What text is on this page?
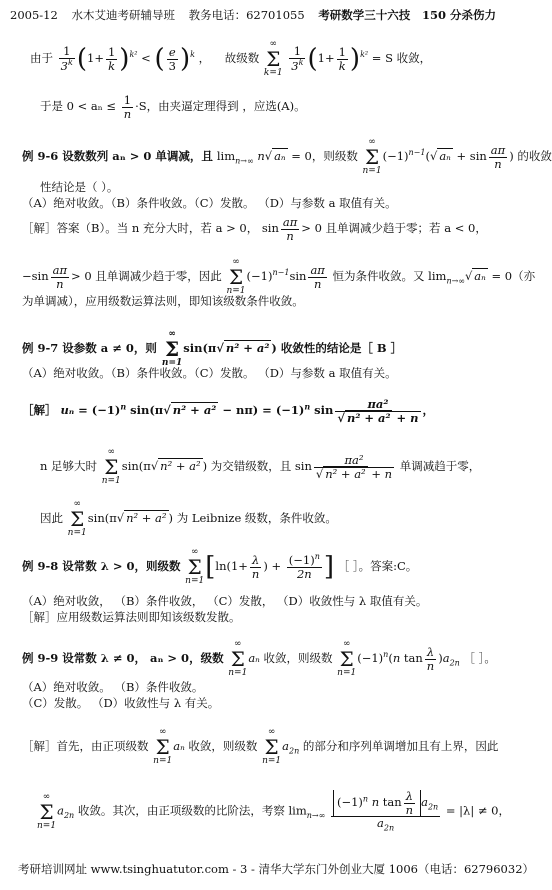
2005-12 水木艾迪考研辅导班 教务电话：62701055 考研数学三十六技 150 分杀伤力
由于 $\frac{1}{3^k} (1+ \frac{1}{k} )^{k^2}$ < ( $\frac{e}{3} )^k$ ， 故级数 ∞
Σ
k=1
$\frac{1}{3^k} (1+ \frac{1}{k} )^{k^2} = S$ 收敛，
于是 $0 < a_n \le \frac{1}{n} \cdot S$，由夹逼定理得到 ，应选(A)。
例 9-6 设数数列 aₙ > 0 单调减，且 $\lim_{n\to\infty} n√$ aₙ = 0，则级数 ∞
Σ
$n=1(-1)^{n-1}(√$ $a_n + \sin \frac{a\pi}{n}$ ) 的收敛
性结论是（ ）。
（A）绝对收敛。（B）条件收敛。（C）发散。 （D）与参数 a 取值有关。
［解］答案（B）。当 n 充分大时，若 a > 0， $\sin \frac{a\pi}{n} > 0$ 且单调减少趋于零；若 a < 0，
$-\sin \frac{a\pi}{n} > 0$ 且单调减少趋于零，因此 ∞
Σ
$n=1(-1)^{n-1}\sin \frac{a\pi}{n}$ 恒为条件收敛。又 $\lim_{n\to\infty}√$ aₙ = 0（亦
为单调减），应用级数运算法则，即知该级数条件收敛。
例 9-7 设参数 a ≠ 0，则 ∞
Σ
n=1sin(π√ n² + a² ) 收敛性的结论是［ B ］
（A）绝对收敛。（B）条件收敛。（C）发散。 （D）与参数 a 取值有关。
［解］ $u_n = (-1)^n$ sin(π√ $n^2 + a^2 - n\pi) = (-1)^n$ $\sin \frac{\text{πa²}}{\text{√ n² + a² + n}}$ ，
n 足够大时 ∞
Σ
n=1sin(π√ n² + a² ) 为交错级数，且 $\sin \frac{\text{πa²}}{\text{√ n² + a² + n}}$ 单调减趋于零，
因此 ∞
Σ
n=1sin(π√ n² + a² ) 为 Leibnize 级数，条件收敛。
例 9-8 设常数 λ > 0，则级数 ∞
Σ
$n=1[\ln(1+ \frac{\lambda}{n}$ ) + $\frac{(-1)^n}{2n}$ ] ［ ］。答案:C。
（A）绝对收敛， （B）条件收敛， （C）发散， （D）收敛性与 λ 取值有关。
［解］应用级数运算法则即知该级数发散。
例 9-9 设常数 λ ≠ 0， aₙ > 0，级数 ∞
Σ
n=1aₙ 收敛，则级数 ∞
Σ
$n=1(-1)^n(n$ $\tan \frac{\lambda}{n} )a_{2n}$ ［ ］。
（A）绝对收敛。 （B）条件收敛。
（C）发散。 （D）收敛性与 λ 有关。
［解］首先，由正项级数 ∞
Σ
n=1aₙ 收敛，则级数 ∞
Σ
$n=1a_{2n}$ 的部分和序列单调增加且有上界，因此
∞
Σ
$n=1a_{2n}$ 收敛。其次，由正项级数的比阶法，考察 $\lim_{n\to\infty} \frac{(-1)^n n \tan \frac{\lambda}{n} a_{2n}}{a_{2n}} = |\lambda| \ne 0$，
考研培训网址 www.tsinghuatutor.com - 3 - 清华大学东门外创业大厦 1006（电话：62796032）
